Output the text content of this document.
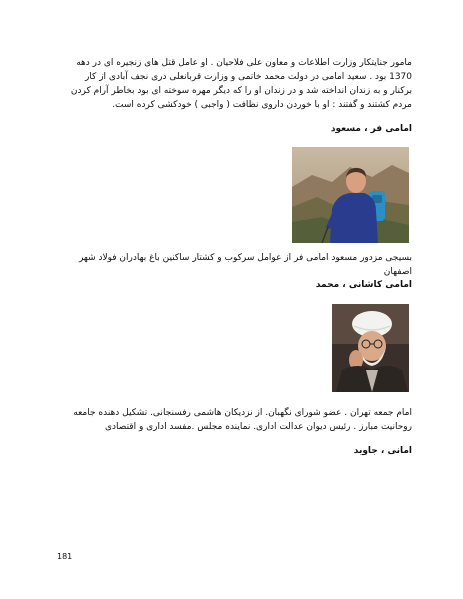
مامور جنایتکار وزارت اطلاعات و معاون علی فلاحیان . او عامل قتل های زنجیره ای در دهه 1370 بود . سعید امامی در دولت محمد خاتمی و وزارت قربانعلی دری نجف آبادی از کار برکنار و به زندان انداخته شد و در زندان او را که دیگر مهره سوخته ای بود بخاطر آرام کردن مردم کشتند و گفتند : او با خوردن داروی نظافت ( واجبی ) خودکشی کرده است.

امامی فر ، مسعود

بسیجی مزدور مسعود امامی فر از عوامل سرکوب و کشتار ساکنین باغ بهادران فولاد شهر اصفهان

امامی کاشانی ، محمد

امام جمعه تهران . عضو شورای نگهبان. از نزدیکان هاشمی رفسنجانی. تشکیل دهنده جامعه روحانیت مبارز . رئیس دیوان عدالت اداری. نماینده مجلس .مفسد اداری و اقتصادی

امانی ، جاوید

181
